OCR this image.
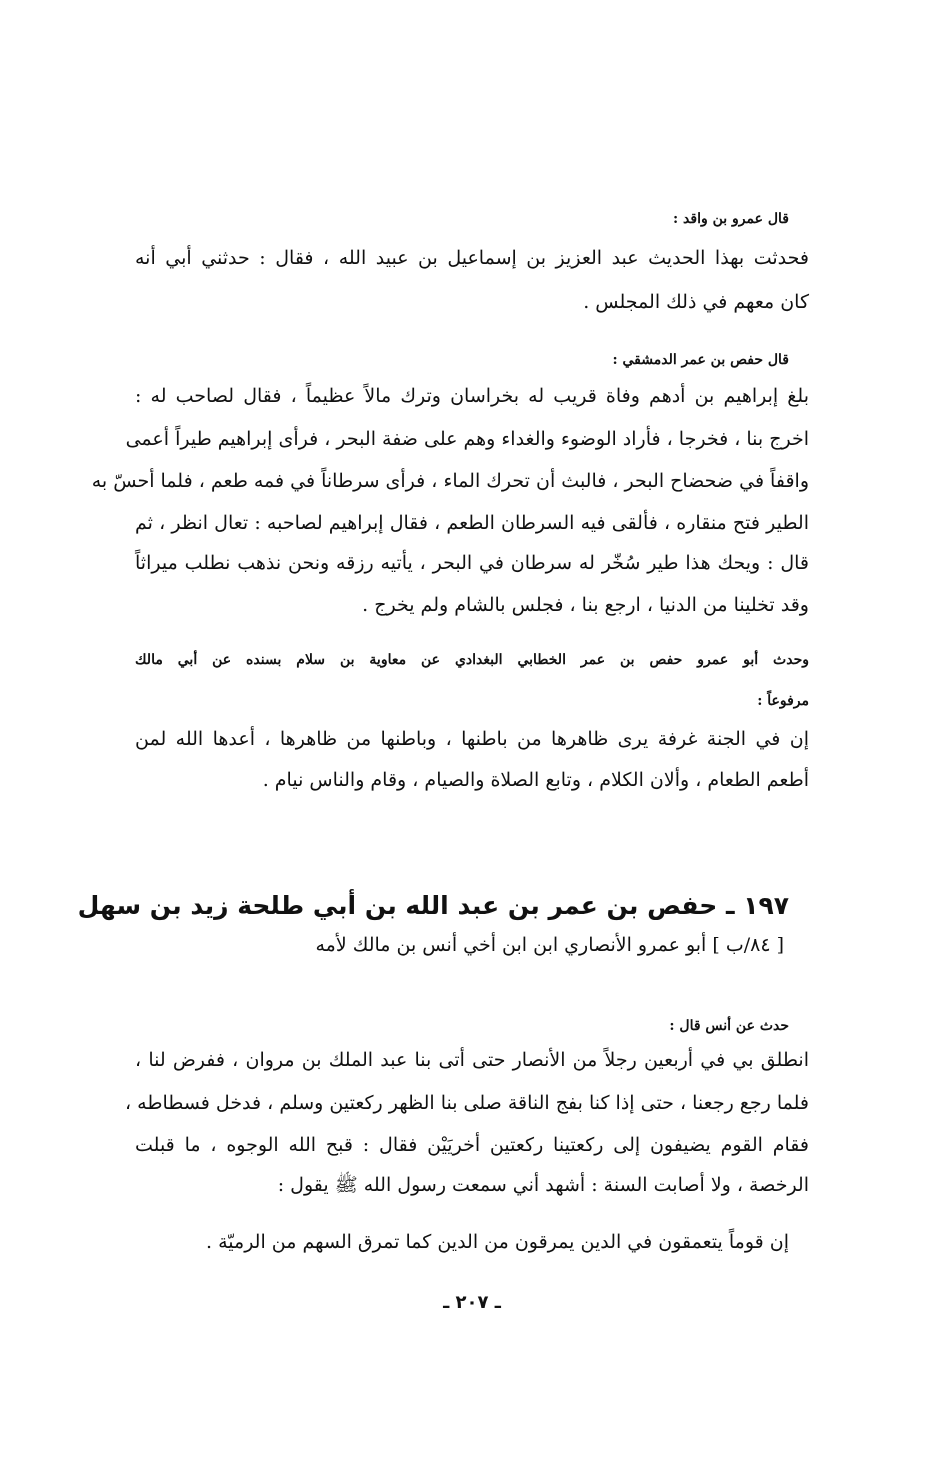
قال عمرو بن واقد :
فحدثت بهذا الحديث عبد العزيز بن إسماعيل بن عبيد الله ، فقال : حدثني أبي أنه
كان معهم في ذلك المجلس .
قال حفص بن عمر الدمشقي :
بلغ إبراهيم بن أدهم وفاة قريب له بخراسان وترك مالاً عظيماً ، فقال لصاحب له :
اخرج بنا ، فخرجا ، فأراد الوضوء والغداء وهم على ضفة البحر ، فرأى إبراهيم طيراً أعمى
واقفاً في ضحضاح البحر ، فالبث أن تحرك الماء ، فرأى سرطاناً في فمه طعم ، فلما أحسّ به
الطير فتح منقاره ، فألقى فيه السرطان الطعم ، فقال إبراهيم لصاحبه : تعال انظر ، ثم
قال : ويحك هذا طير سُخّر له سرطان في البحر ، يأتيه رزقه ونحن نذهب نطلب ميراثاً
وقد تخلينا من الدنيا ، ارجع بنا ، فجلس بالشام ولم يخرج .
وحدث أبو عمرو حفص بن عمر الخطابي البغدادي عن معاوية بن سلام بسنده عن أبي مالك
مرفوعاً :
إن في الجنة غرفة يرى ظاهرها من باطنها ، وباطنها من ظاهرها ، أعدها الله لمن
أطعم الطعام ، وألان الكلام ، وتابع الصلاة والصيام ، وقام والناس نيام .
١٩٧ ـ حفص بن عمر بن عبد الله بن أبي طلحة زيد بن سهل
[ ٨٤/ب ] أبو عمرو الأنصاري ابن ابن أخي أنس بن مالك لأمه
حدث عن أنس قال :
انطلق بي في أربعين رجلاً من الأنصار حتى أتى بنا عبد الملك بن مروان ، ففرض لنا ،
فلما رجع رجعنا ، حتى إذا كنا بفج الناقة صلى بنا الظهر ركعتين وسلم ، فدخل فسطاطه ،
فقام القوم يضيفون إلى ركعتينا ركعتين أخريَيْن فقال : قبح الله الوجوه ، ما قبلت
الرخصة ، ولا أصابت السنة : أشهد أني سمعت رسول الله ﷺ يقول :
إن قوماً يتعمقون في الدين يمرقون من الدين كما تمرق السهم من الرميّة .
ـ ٢٠٧ ـ
